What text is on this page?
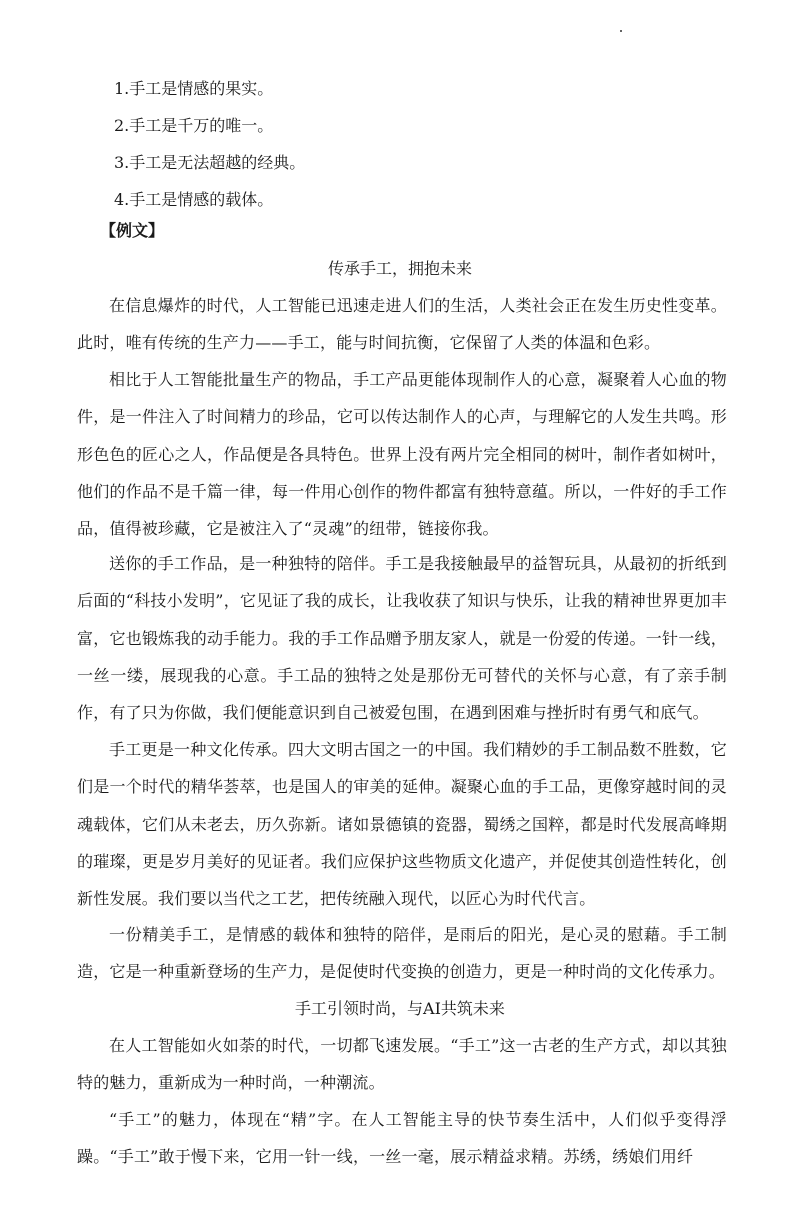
1.手工是情感的果实。
2.手工是千万的唯一。
3.手工是无法超越的经典。
4.手工是情感的载体。
【例文】
传承手工，拥抱未来

在信息爆炸的时代，人工智能已迅速走进人们的生活，人类社会正在发生历史性变革。此时，唯有传统的生产力——手工，能与时间抗衡，它保留了人类的体温和色彩。

相比于人工智能批量生产的物品，手工产品更能体现制作人的心意，凝聚着人心血的物件，是一件注入了时间精力的珍品，它可以传达制作人的心声，与理解它的人发生共鸣。形形色色的匠心之人，作品便是各具特色。世界上没有两片完全相同的树叶，制作者如树叶，他们的作品不是千篇一律，每一件用心创作的物件都富有独特意蕴。所以，一件好的手工作品，值得被珍藏，它是被注入了“灵魂”的纽带，链接你我。

送你的手工作品，是一种独特的陪伴。手工是我接触最早的益智玩具，从最初的折纸到后面的“科技小发明”，它见证了我的成长，让我收获了知识与快乐，让我的精神世界更加丰富，它也锻炼我的动手能力。我的手工作品赠予朋友家人，就是一份爱的传递。一针一线，一丝一缕，展现我的心意。手工品的独特之处是那份无可替代的关怀与心意，有了亲手制作，有了只为你做，我们便能意识到自己被爱包围，在遇到困难与挫折时有勇气和底气。

手工更是一种文化传承。四大文明古国之一的中国。我们精妙的手工制品数不胜数，它们是一个时代的精华荟萃，也是国人的审美的延伸。凝聚心血的手工品，更像穿越时间的灵魂载体，它们从未老去，历久弥新。诸如景德镇的瓷器，蜀绣之国粹，都是时代发展高峰期的璀璨，更是岁月美好的见证者。我们应保护这些物质文化遗产，并促使其创造性转化，创新性发展。我们要以当代之工艺，把传统融入现代，以匠心为时代代言。

一份精美手工，是情感的载体和独特的陪伴，是雨后的阳光，是心灵的慰藉。手工制造，它是一种重新登场的生产力，是促使时代变换的创造力，更是一种时尚的文化传承力。

手工引领时尚，与AI共筑未来

在人工智能如火如荼的时代，一切都飞速发展。“手工”这一古老的生产方式，却以其独特的魅力，重新成为一种时尚，一种潮流。

“手工”的魅力，体现在“精”字。在人工智能主导的快节奏生活中，人们似乎变得浮躁。“手工”敢于慢下来，它用一针一线，一丝一毫，展示精益求精。苏绣，绣娘们用纤
